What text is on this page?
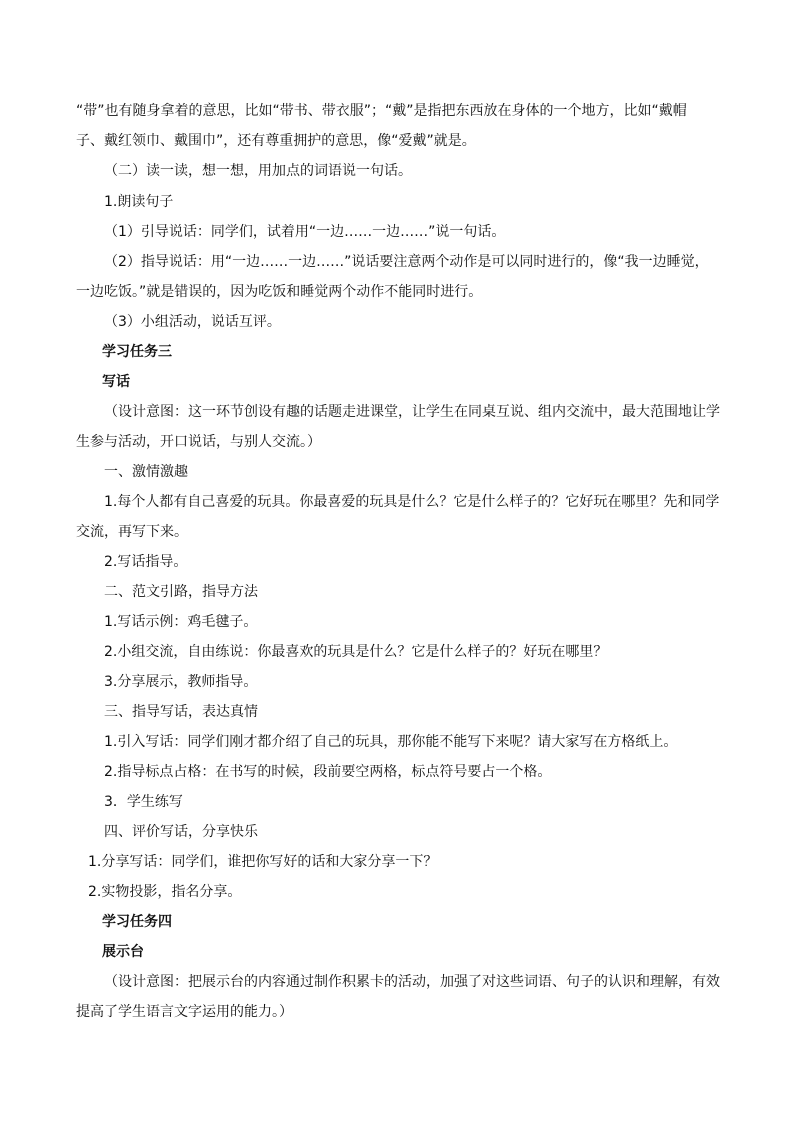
“带”也有随身拿着的意思，比如“带书、带衣服”；“戴”是指把东西放在身体的一个地方，比如“戴帽
子、戴红领巾、戴围巾”，还有尊重拥护的意思，像“爱戴”就是。
（二）读一读，想一想，用加点的词语说一句话。
1.朗读句子
（1）引导说话：同学们，试着用“一边……一边……”说一句话。
（2）指导说话：用“一边……一边……”说话要注意两个动作是可以同时进行的，像“我一边睡觉，
一边吃饭。”就是错误的，因为吃饭和睡觉两个动作不能同时进行。
（3）小组活动，说话互评。
学习任务三
写话
（设计意图：这一环节创设有趣的话题走进课堂，让学生在同桌互说、组内交流中，最大范围地让学
生参与活动，开口说话，与别人交流。）
一、激情激趣
1.每个人都有自己喜爱的玩具。你最喜爱的玩具是什么？它是什么样子的？它好玩在哪里？先和同学
交流，再写下来。
2.写话指导。
二、范文引路，指导方法
1.写话示例：鸡毛毽子。
2.小组交流，自由练说：你最喜欢的玩具是什么？它是什么样子的？好玩在哪里？
3.分享展示，教师指导。
三、指导写话，表达真情
1.引入写话：同学们刚才都介绍了自己的玩具，那你能不能写下来呢？请大家写在方格纸上。
2.指导标点占格：在书写的时候，段前要空两格，标点符号要占一个格。
3．学生练写
四、评价写话，分享快乐
1.分享写话：同学们，谁把你写好的话和大家分享一下？
2.实物投影，指名分享。
学习任务四
展示台
（设计意图：把展示台的内容通过制作积累卡的活动，加强了对这些词语、句子的认识和理解，有效
提高了学生语言文字运用的能力。）
